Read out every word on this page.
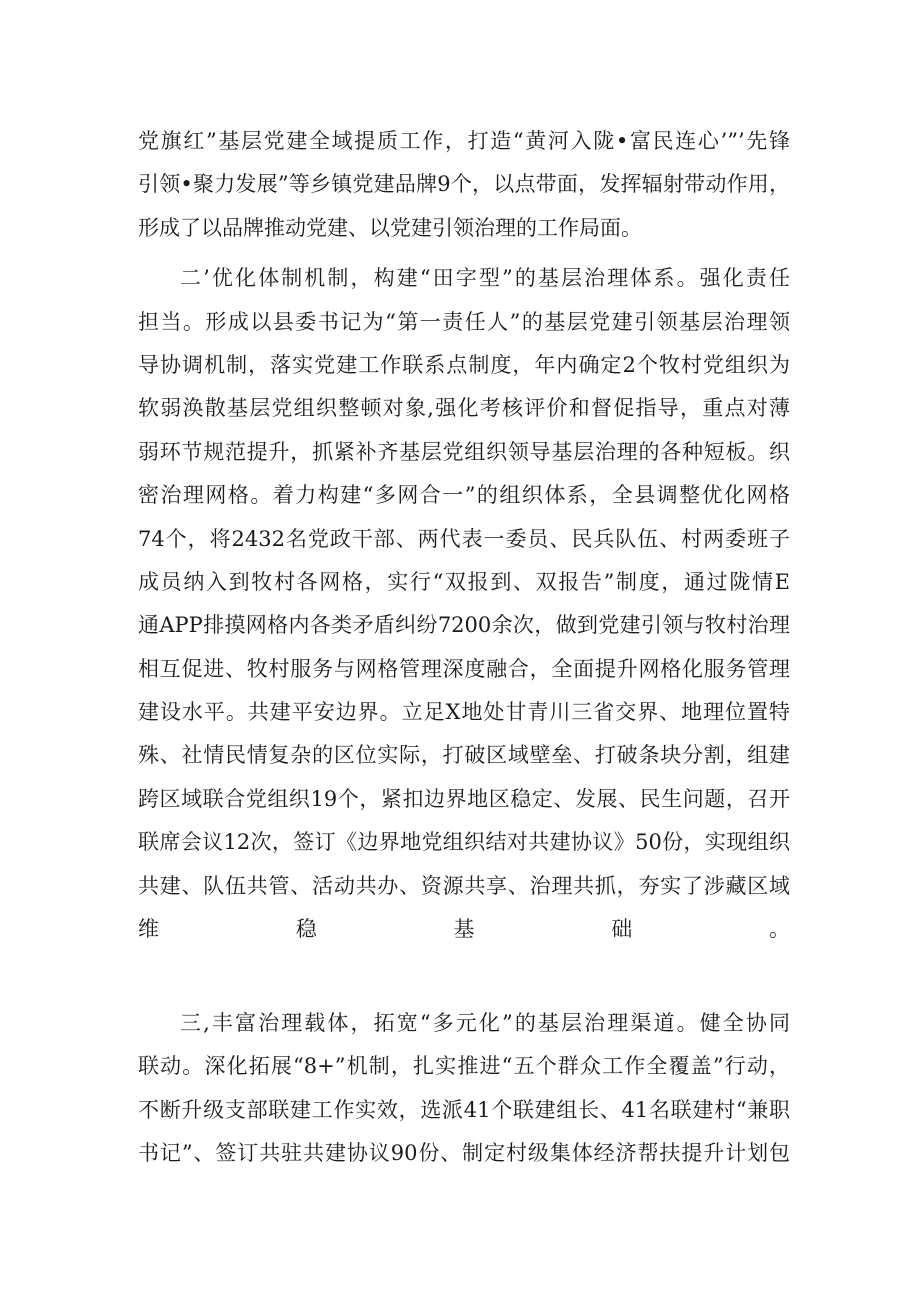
党旗红”基层党建全域提质工作，打造“黄河入陇•富民连心’”’先锋
引领•聚力发展”等乡镇党建品牌9个，以点带面，发挥辐射带动作用，
形成了以品牌推动党建、以党建引领治理的工作局面。
二’优化体制机制，构建“田字型”的基层治理体系。强化责任
担当。形成以县委书记为“第一责任人”的基层党建引领基层治理领
导协调机制，落实党建工作联系点制度，年内确定2个牧村党组织为
软弱涣散基层党组织整顿对象,强化考核评价和督促指导，重点对薄
弱环节规范提升，抓紧补齐基层党组织领导基层治理的各种短板。织
密治理网格。着力构建“多网合一”的组织体系，全县调整优化网格
74个，将2432名党政干部、两代表一委员、民兵队伍、村两委班子
成员纳入到牧村各网格，实行“双报到、双报告”制度，通过陇情E
通APP排摸网格内各类矛盾纠纷7200余次，做到党建引领与牧村治理
相互促进、牧村服务与网格管理深度融合，全面提升网格化服务管理
建设水平。共建平安边界。立足X地处甘青川三省交界、地理位置特
殊、社情民情复杂的区位实际，打破区域壁垒、打破条块分割，组建
跨区域联合党组织19个，紧扣边界地区稳定、发展、民生问题，召开
联席会议12次，签订《边界地党组织结对共建协议》50份，实现组织
共建、队伍共管、活动共办、资源共享、治理共抓，夯实了涉藏区域
维稳基础。
三,丰富治理载体，拓宽“多元化”的基层治理渠道。健全协同
联动。深化拓展“8+”机制，扎实推进“五个群众工作全覆盖”行动，
不断升级支部联建工作实效，选派41个联建组长、41名联建村“兼职
书记”、签订共驻共建协议90份、制定村级集体经济帮扶提升计划包
